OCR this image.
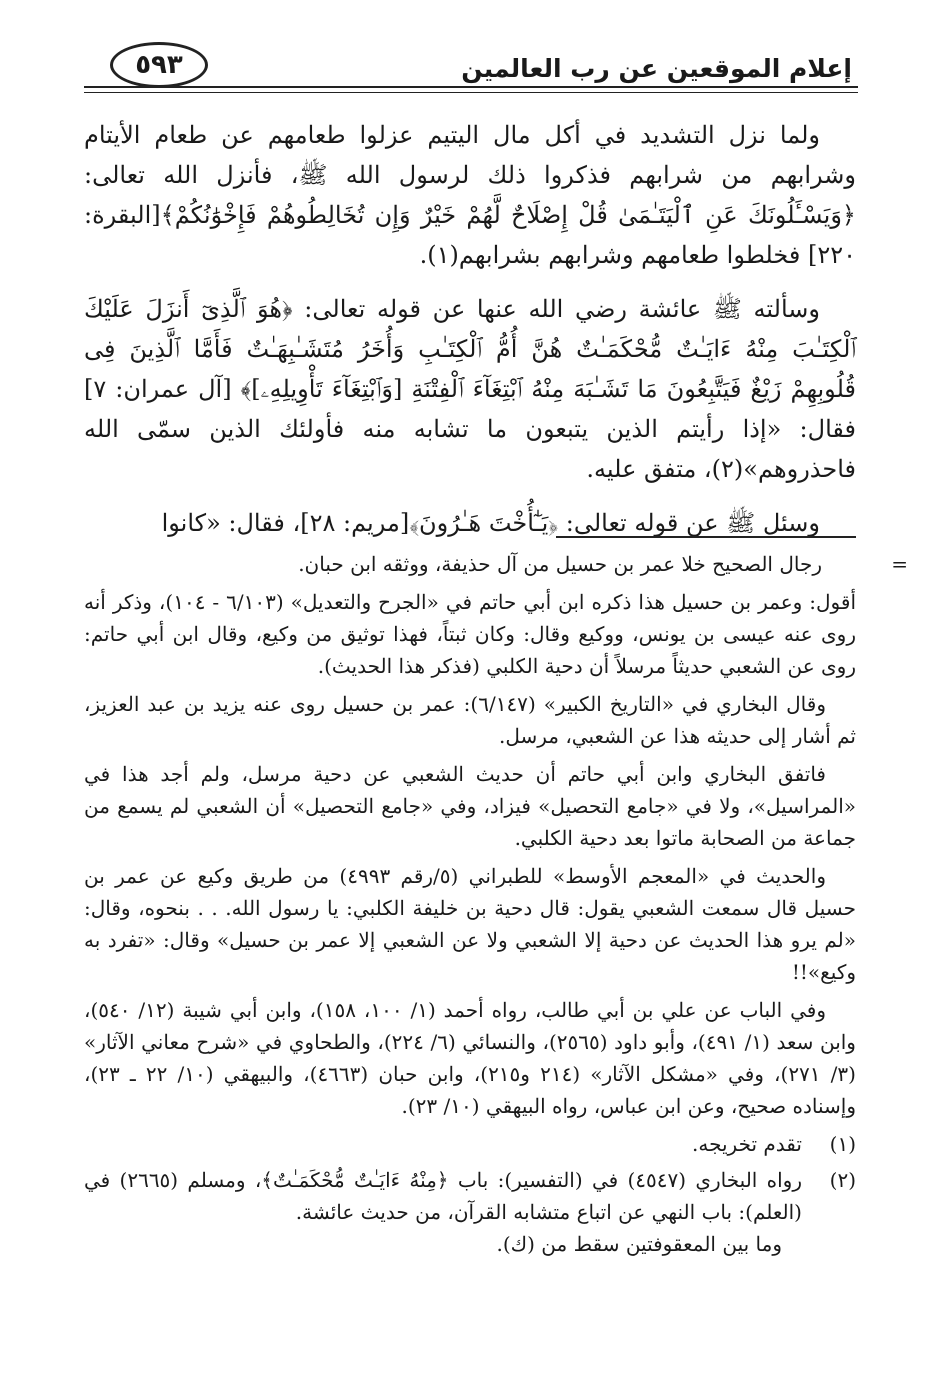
إعلام الموقعين عن رب العالمين
٥٩٣

ولما نزل التشديد في أكل مال اليتيم عزلوا طعامهم عن طعام الأيتام وشرابهم من شرابهم فذكروا ذلك لرسول الله ﷺ، فأنزل الله تعالى: ﴿وَيَسْـَٔلُونَكَ عَنِ ٱلْيَتَـٰمَىٰ قُلْ إِصْلَاحٌ لَّهُمْ خَيْرٌ وَإِن تُخَالِطُوهُمْ فَإِخْوَٰنُكُمْ﴾[البقرة: ٢٢٠] فخلطوا طعامهم وشرابهم بشرابهم(١).

وسألته ﷺ عائشة رضي الله عنها عن قوله تعالى: ﴿هُوَ ٱلَّذِىٓ أَنزَلَ عَلَيْكَ ٱلْكِتَـٰبَ مِنْهُ ءَايَـٰتٌ مُّحْكَمَـٰتٌ هُنَّ أُمُّ ٱلْكِتَـٰبِ وَأُخَرُ مُتَشَـٰبِهَـٰتٌ فَأَمَّا ٱلَّذِينَ فِى قُلُوبِهِمْ زَيْغٌ فَيَتَّبِعُونَ مَا تَشَـٰبَهَ مِنْهُ ٱبْتِغَآءَ ٱلْفِتْنَةِ [وَٱبْتِغَآءَ تَأْوِيلِهِۦ]﴾ [آل عمران: ٧] فقال: «إذا رأيتم الذين يتبعون ما تشابه منه فأولئك الذين سمّى الله فاحذروهم»(٢)، متفق عليه.

وسئل ﷺ عن قوله تعالى: ﴿يَـٰٓأُخْتَ هَـٰرُونَ﴾[مريم: ٢٨]، فقال: «كانوا

=
رجال الصحيح خلا عمر بن حسيل من آل حذيفة، ووثقه ابن حبان.

أقول: وعمر بن حسيل هذا ذكره ابن أبي حاتم في «الجرح والتعديل» (٦/١٠٣ - ١٠٤)، وذكر أنه روى عنه عيسى بن يونس، ووكيع وقال: وكان ثبتاً، فهذا توثيق من وكيع، وقال ابن أبي حاتم: روى عن الشعبي حديثاً مرسلاً أن دحية الكلبي (فذكر هذا الحديث).

وقال البخاري في «التاريخ الكبير» (٦/١٤٧): عمر بن حسيل روى عنه يزيد بن عبد العزيز، ثم أشار إلى حديثه هذا عن الشعبي، مرسل.

فاتفق البخاري وابن أبي حاتم أن حديث الشعبي عن دحية مرسل، ولم أجد هذا في «المراسيل»، ولا في «جامع التحصيل» فيزاد، وفي «جامع التحصيل» أن الشعبي لم يسمع من جماعة من الصحابة ماتوا بعد دحية الكلبي.

والحديث في «المعجم الأوسط» للطبراني (٥/رقم ٤٩٩٣) من طريق وكيع عن عمر بن حسيل قال سمعت الشعبي يقول: قال دحية بن خليفة الكلبي: يا رسول الله. . . بنحوه، وقال: «لم يرو هذا الحديث عن دحية إلا الشعبي ولا عن الشعبي إلا عمر بن حسيل» وقال: «تفرد به وكيع»!!

وفي الباب عن علي بن أبي طالب، رواه أحمد (١/ ١٠٠، ١٥٨)، وابن أبي شيبة (١٢/ ٥٤٠)، وابن سعد (١/ ٤٩١)، وأبو داود (٢٥٦٥)، والنسائي (٦/ ٢٢٤)، والطحاوي في «شرح معاني الآثار» (٣/ ٢٧١)، وفي «مشكل الآثار» (٢١٤ و٢١٥)، وابن حبان (٤٦٦٣)، والبيهقي (١٠/ ٢٢ ـ ٢٣)، وإسناده صحيح، وعن ابن عباس، رواه البيهقي (١٠/ ٢٣).

(١)
تقدم تخريجه.
(٢)
رواه البخاري (٤٥٤٧) في (التفسير): باب ﴿مِنْهُ ءَايَـٰتٌ مُّحْكَمَـٰتٌ﴾، ومسلم (٢٦٦٥) في (العلم): باب النهي عن اتباع متشابه القرآن، من حديث عائشة.
وما بين المعقوفتين سقط من (ك).
